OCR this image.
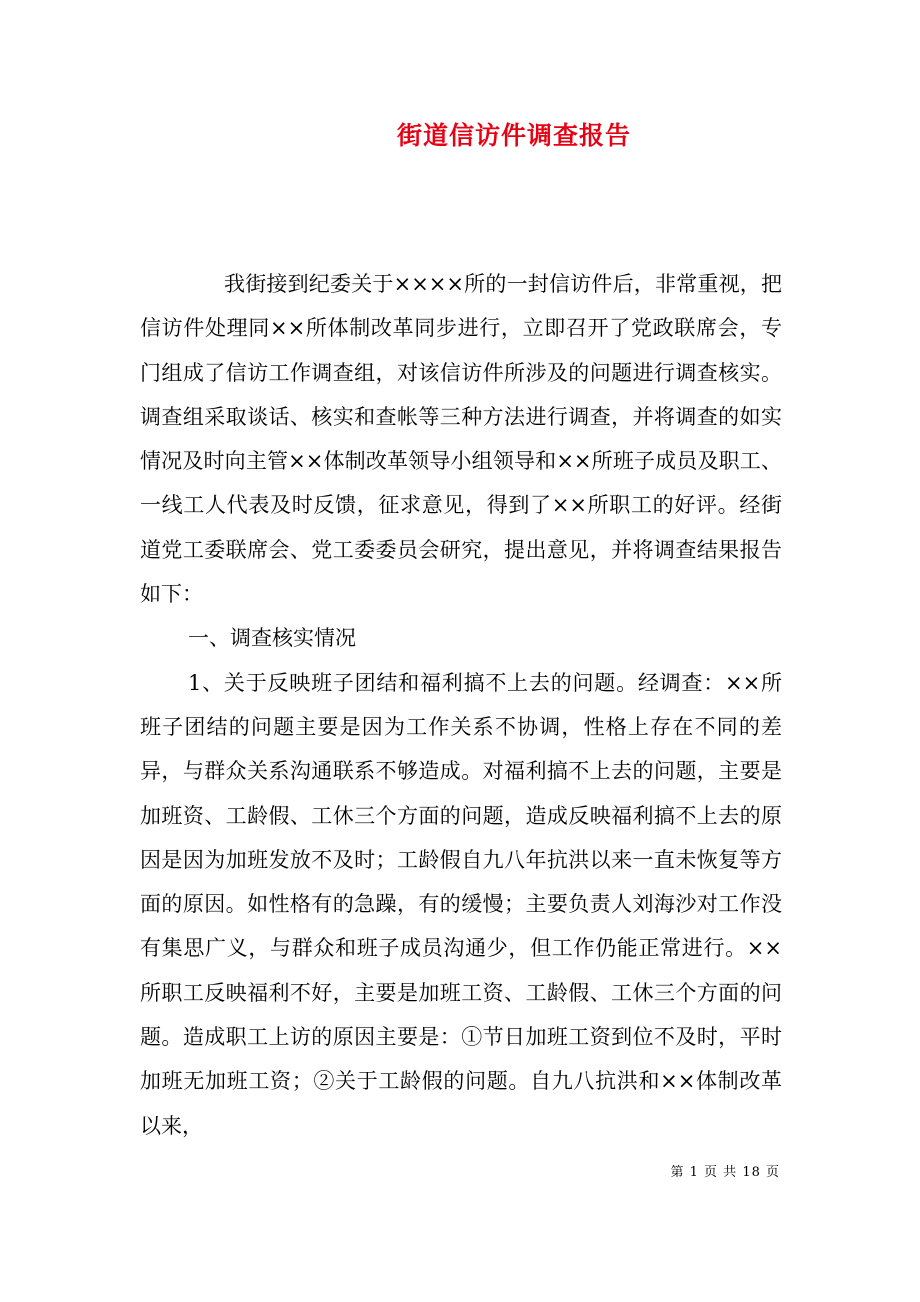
街道信访件调查报告

我街接到纪委关于××××所的一封信访件后，非常重视，把信访件处理同××所体制改革同步进行，立即召开了党政联席会，专门组成了信访工作调查组，对该信访件所涉及的问题进行调查核实。调查组采取谈话、核实和查帐等三种方法进行调查，并将调查的如实情况及时向主管××体制改革领导小组领导和××所班子成员及职工、一线工人代表及时反馈，征求意见，得到了××所职工的好评。经街道党工委联席会、党工委委员会研究，提出意见，并将调查结果报告如下：

一、调查核实情况

1、关于反映班子团结和福利搞不上去的问题。经调查：××所班子团结的问题主要是因为工作关系不协调，性格上存在不同的差异，与群众关系沟通联系不够造成。对福利搞不上去的问题，主要是加班资、工龄假、工休三个方面的问题，造成反映福利搞不上去的原因是因为加班发放不及时；工龄假自九八年抗洪以来一直未恢复等方面的原因。如性格有的急躁，有的缓慢；主要负责人刘海沙对工作没有集思广义，与群众和班子成员沟通少，但工作仍能正常进行。××所职工反映福利不好，主要是加班工资、工龄假、工休三个方面的问题。造成职工上访的原因主要是：①节日加班工资到位不及时，平时加班无加班工资；②关于工龄假的问题。自九八抗洪和××体制改革以来，

第 1 页 共 18 页
